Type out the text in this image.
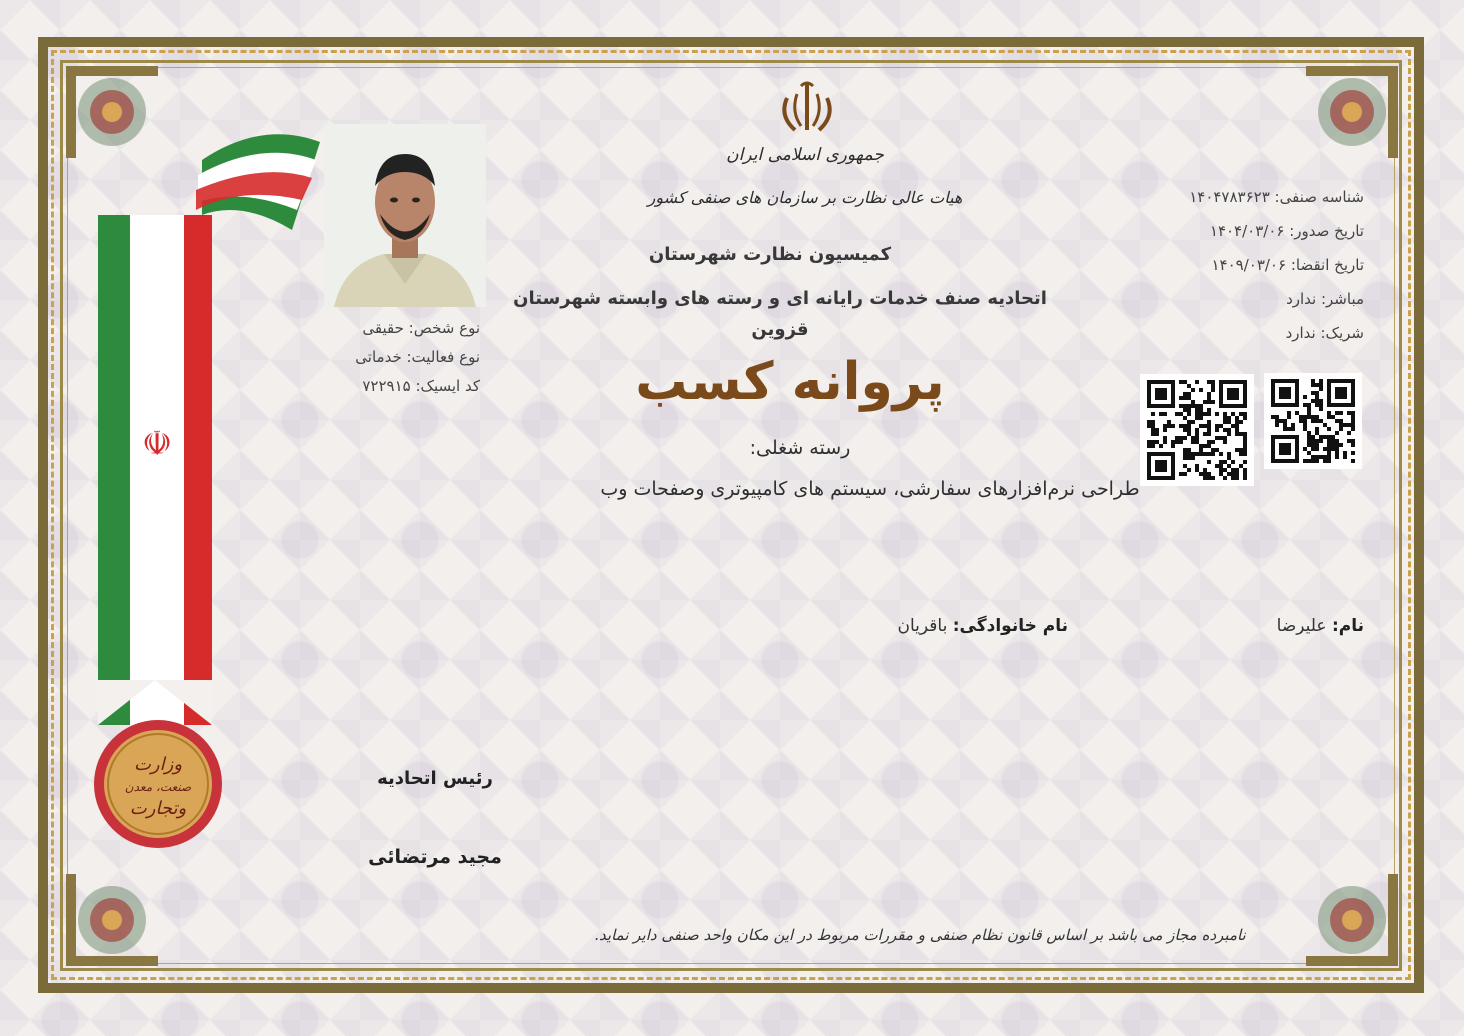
☫
وزارت
صنعت، معدن
وتجارت
نوع شخص: حقیقی
نوع فعالیت: خدماتی
کد ایسیک: ۷۲۲۹۱۵
جمهوری اسلامی ایران
هیات عالی نظارت بر سازمان های صنفی کشور
کمیسیون نظارت شهرستان
اتحادیه صنف خدمات رایانه ای و رسته های وابسته شهرستان
قزوین
پروانه کسب
رسته شغلی:
طراحی نرم‌افزارهای سفارشی، سیستم های کامپیوتری وصفحات وب
شناسه صنفی: ۱۴۰۴۷۸۳۶۲۳
تاریخ صدور: ۱۴۰۴/۰۳/۰۶
تاریخ انقضا: ۱۴۰۹/۰۳/۰۶
مباشر: ندارد
شریک: ندارد
نام: علیرضا
نام خانوادگی: باقریان
رئیس اتحادیه
مجید مرتضائی
نامبرده مجاز می باشد بر اساس قانون نظام صنفی و مقررات مربوط در این مکان واحد صنفی دایر نماید.
